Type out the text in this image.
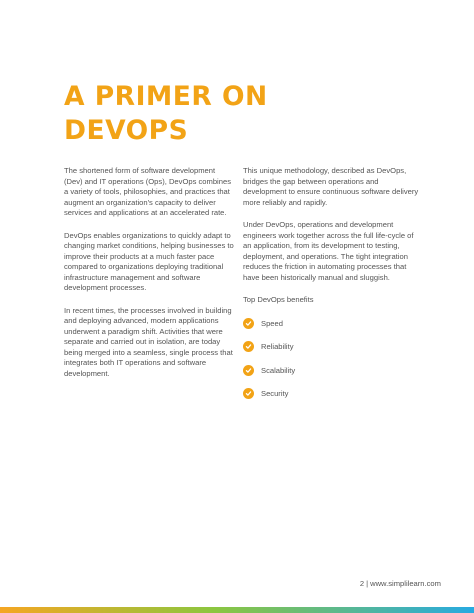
A PRIMER ON
DEVOPS

The shortened form of software development (Dev) and IT operations (Ops), DevOps combines a variety of tools, philosophies, and practices that augment an organization's capacity to deliver services and applications at an accelerated rate.

DevOps enables organizations to quickly adapt to changing market conditions, helping businesses to improve their products at a much faster pace compared to organizations deploying traditional infrastructure management and software development processes.

In recent times, the processes involved in building and deploying advanced, modern applications underwent a paradigm shift. Activities that were separate and carried out in isolation, are today being merged into a seamless, single process that integrates both IT operations and software development.

This unique methodology, described as DevOps, bridges the gap between operations and development to ensure continuous software delivery more reliably and rapidly.

Under DevOps, operations and development engineers work together across the full life-cycle of an application, from its development to testing, deployment, and operations. The tight integration reduces the friction in automating processes that have been historically manual and sluggish.

Top DevOps benefits

Speed
Reliability
Scalability
Security
2 | www.simplilearn.com
